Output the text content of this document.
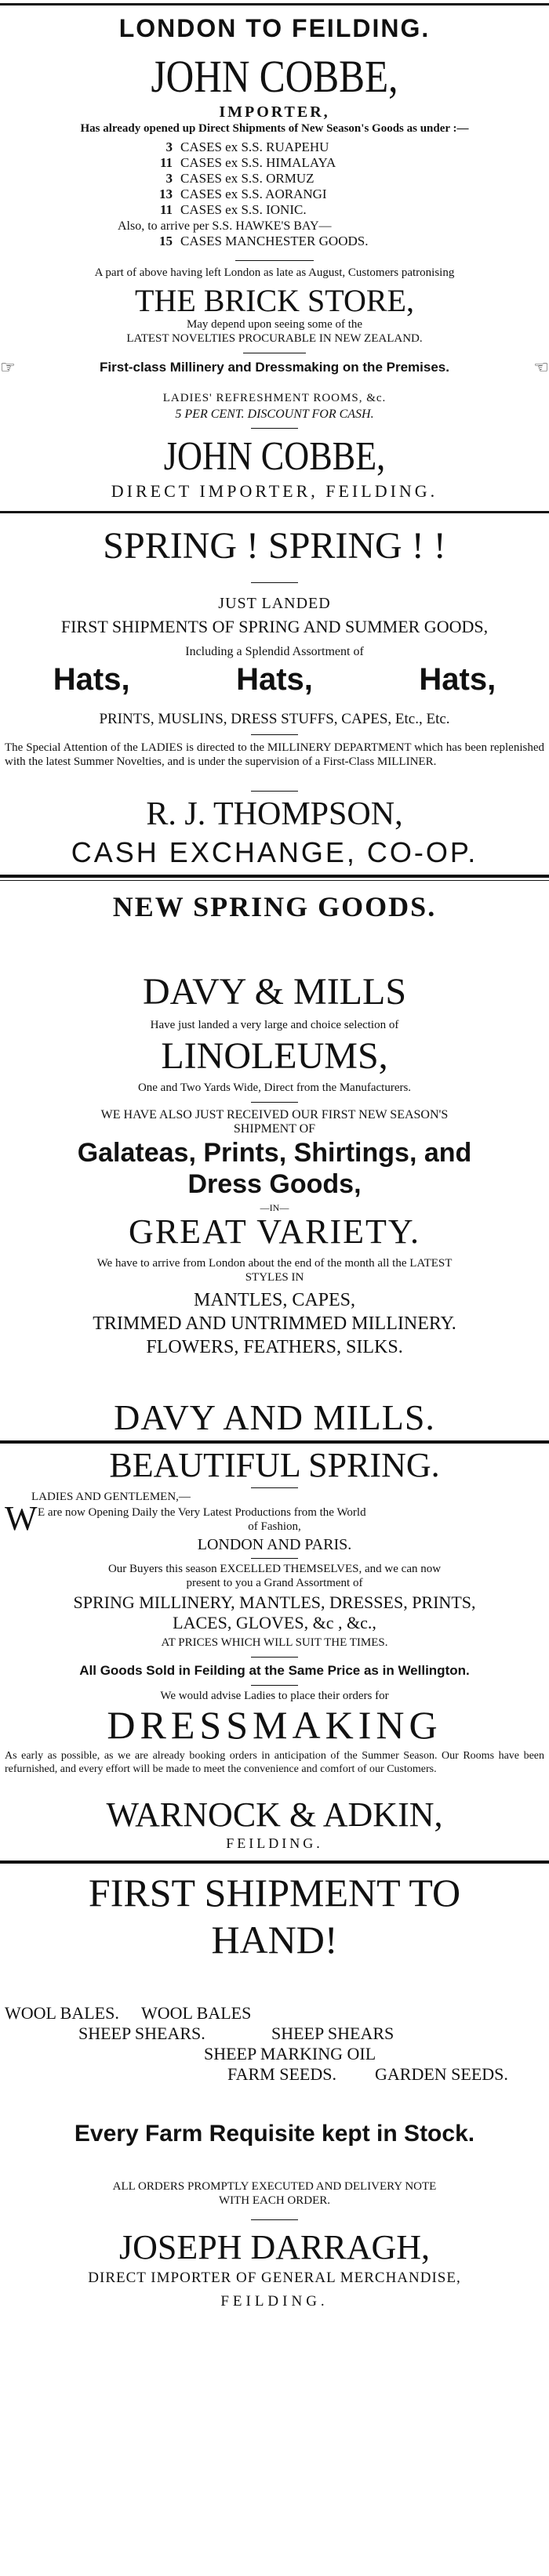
LONDON TO FEILDING.
JOHN COBBE,
IMPORTER,
Has already opened up Direct Shipments of New Season's Goods as under :—
3 CASES ex S.S. RUAPEHU
11 CASES ex S.S. HIMALAYA
3 CASES ex S.S. ORMUZ
13 CASES ex S.S. AORANGI
11 CASES ex S.S. IONIC.
Also, to arrive per S.S. HAWKE'S BAY—
15 CASES MANCHESTER GOODS.
A part of above having left London as late as August, Customers patronising
THE BRICK STORE,
May depend upon seeing some of the
LATEST NOVELTIES PROCURABLE IN NEW ZEALAND.
☞	First-class Millinery and Dressmaking on the Premises.	☜
LADIES' REFRESHMENT ROOMS, &c.
5 PER CENT. DISCOUNT FOR CASH.
JOHN COBBE,
DIRECT IMPORTER, FEILDING.
SPRING ! SPRING ! !
JUST LANDED
FIRST SHIPMENTS OF SPRING AND SUMMER GOODS,
Including a Splendid Assortment of
Hats,	Hats,	Hats,
PRINTS, MUSLINS, DRESS STUFFS, CAPES, Etc., Etc.
The Special Attention of the LADIES is directed to the MILLINERY DEPARTMENT which has been replenished with the latest Summer Novelties, and is under the supervision of a First-Class MILLINER.
R. J. THOMPSON,
CASH EXCHANGE, CO-OP.
NEW SPRING GOODS.
DAVY & MILLS
Have just landed a very large and choice selection of
LINOLEUMS,
One and Two Yards Wide, Direct from the Manufacturers.
WE HAVE ALSO JUST RECEIVED OUR FIRST NEW SEASON'S
SHIPMENT OF
Galateas, Prints, Shirtings, and
Dress Goods,
—IN—
GREAT VARIETY.
We have to arrive from London about the end of the month all the LATEST
STYLES IN
MANTLES, CAPES,
TRIMMED AND UNTRIMMED MILLINERY.
FLOWERS, FEATHERS, SILKS.
DAVY AND MILLS.
BEAUTIFUL SPRING.
LADIES AND GENTLEMEN,—
W E are now Opening Daily the Very Latest Productions from the World
of Fashion,
LONDON AND PARIS.
Our Buyers this season EXCELLED THEMSELVES, and we can now
present to you a Grand Assortment of
SPRING MILLINERY, MANTLES, DRESSES, PRINTS,
LACES, GLOVES, &c , &c.,
AT PRICES WHICH WILL SUIT THE TIMES.
All Goods Sold in Feilding at the Same Price as in Wellington.
We would advise Ladies to place their orders for
DRESSMAKING
As early as possible, as we are already booking orders in anticipation of the Summer Season. Our Rooms have been refurnished, and every effort will be made to meet the convenience and comfort of our Customers.
WARNOCK & ADKIN,
FEILDING.
FIRST SHIPMENT TO
HAND!
WOOL BALES. WOOL BALES
SHEEP SHEARS.	SHEEP SHEARS
SHEEP MARKING OIL
FARM SEEDS. GARDEN SEEDS.
Every Farm Requisite kept in Stock.
ALL ORDERS PROMPTLY EXECUTED AND DELIVERY NOTE
WITH EACH ORDER.
JOSEPH DARRAGH,
DIRECT IMPORTER OF GENERAL MERCHANDISE,
FEILDING.
